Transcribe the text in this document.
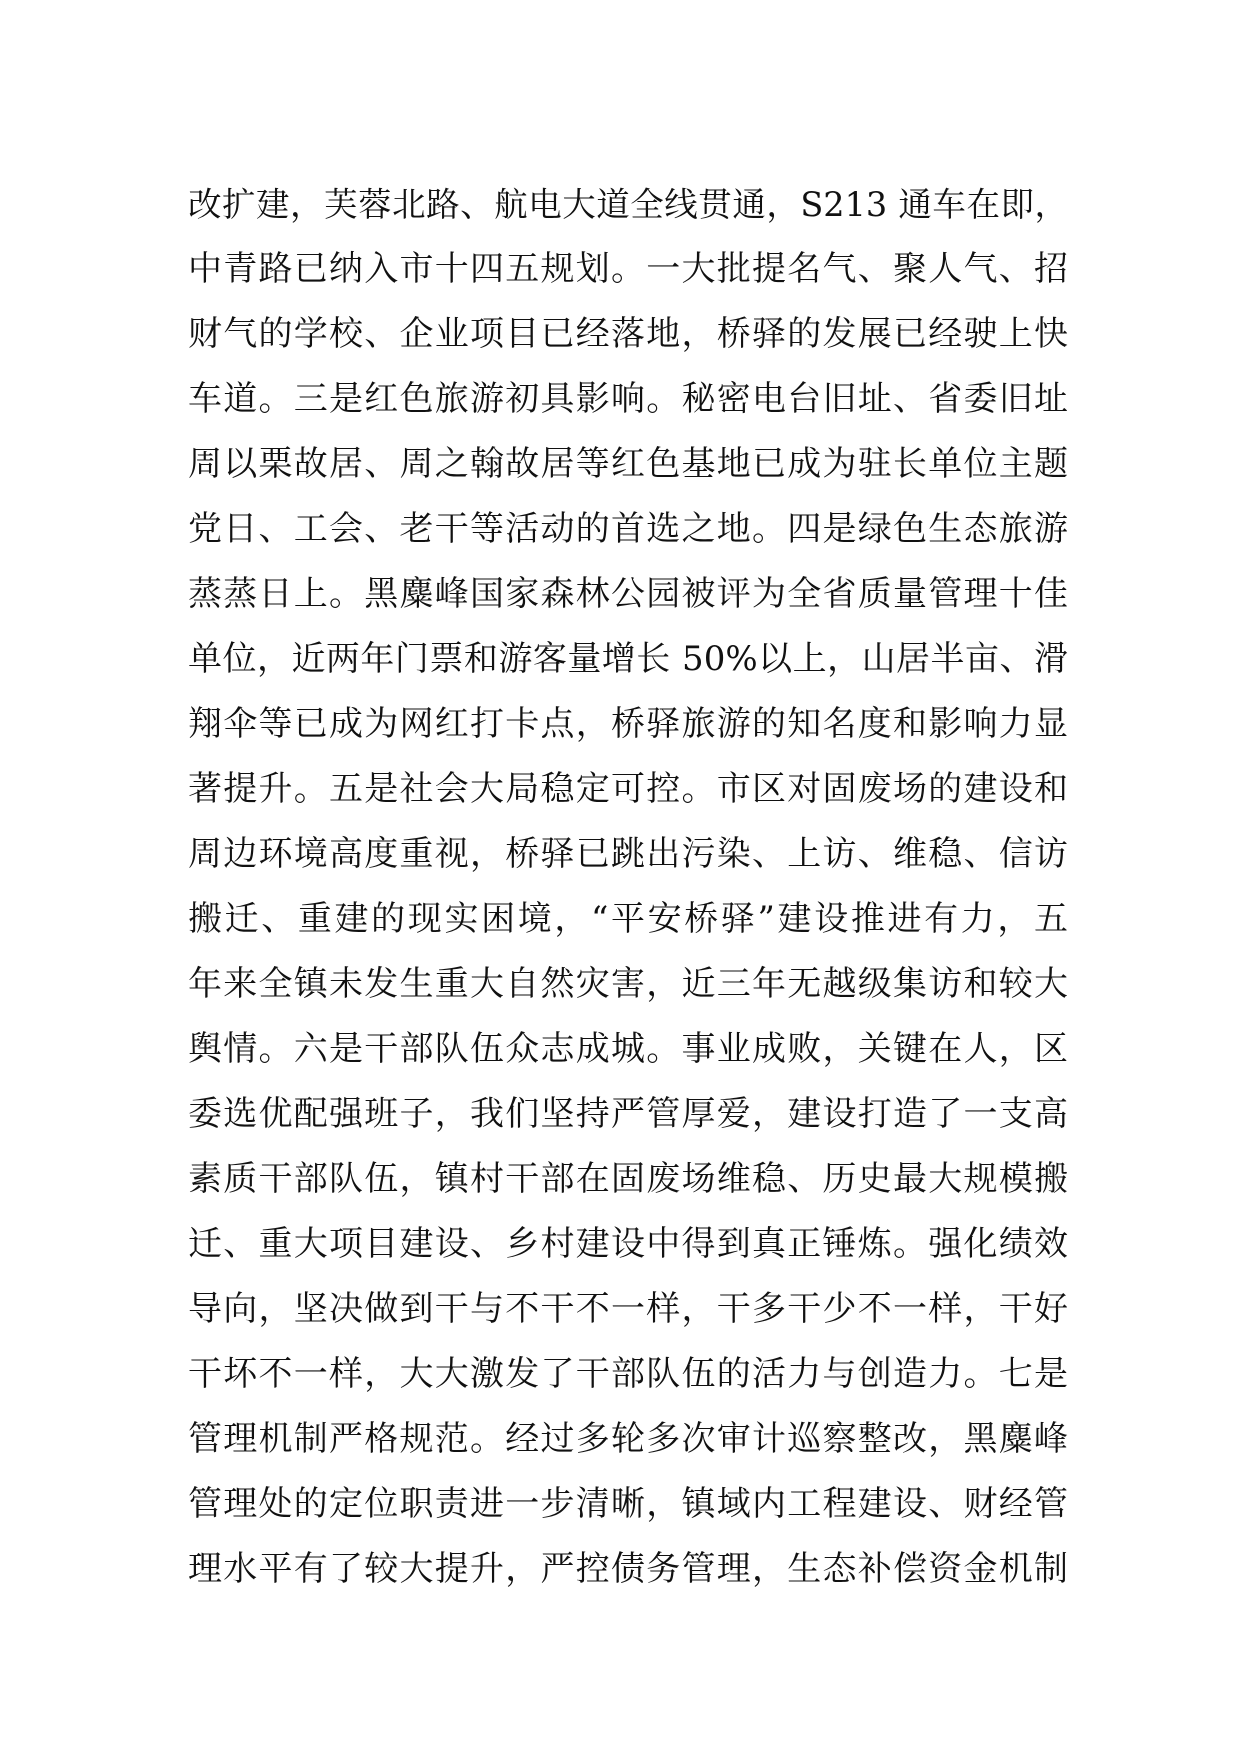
改扩建，芙蓉北路、航电大道全线贯通，S213 通车在即，
中青路已纳入市十四五规划。一大批提名气、聚人气、招
财气的学校、企业项目已经落地，桥驿的发展已经驶上快
车道。三是红色旅游初具影响。秘密电台旧址、省委旧址
周以栗故居、周之翰故居等红色基地已成为驻长单位主题
党日、工会、老干等活动的首选之地。四是绿色生态旅游
蒸蒸日上。黑麋峰国家森林公园被评为全省质量管理十佳
单位，近两年门票和游客量增长 50%以上，山居半亩、滑
翔伞等已成为网红打卡点，桥驿旅游的知名度和影响力显
著提升。五是社会大局稳定可控。市区对固废场的建设和
周边环境高度重视，桥驿已跳出污染、上访、维稳、信访
搬迁、重建的现实困境，“平安桥驿”建设推进有力，五
年来全镇未发生重大自然灾害，近三年无越级集访和较大
舆情。六是干部队伍众志成城。事业成败，关键在人，区
委选优配强班子，我们坚持严管厚爱，建设打造了一支高
素质干部队伍，镇村干部在固废场维稳、历史最大规模搬
迁、重大项目建设、乡村建设中得到真正锤炼。强化绩效
导向，坚决做到干与不干不一样，干多干少不一样，干好
干坏不一样，大大激发了干部队伍的活力与创造力。七是
管理机制严格规范。经过多轮多次审计巡察整改，黑麋峰
管理处的定位职责进一步清晰，镇域内工程建设、财经管
理水平有了较大提升，严控债务管理，生态补偿资金机制
